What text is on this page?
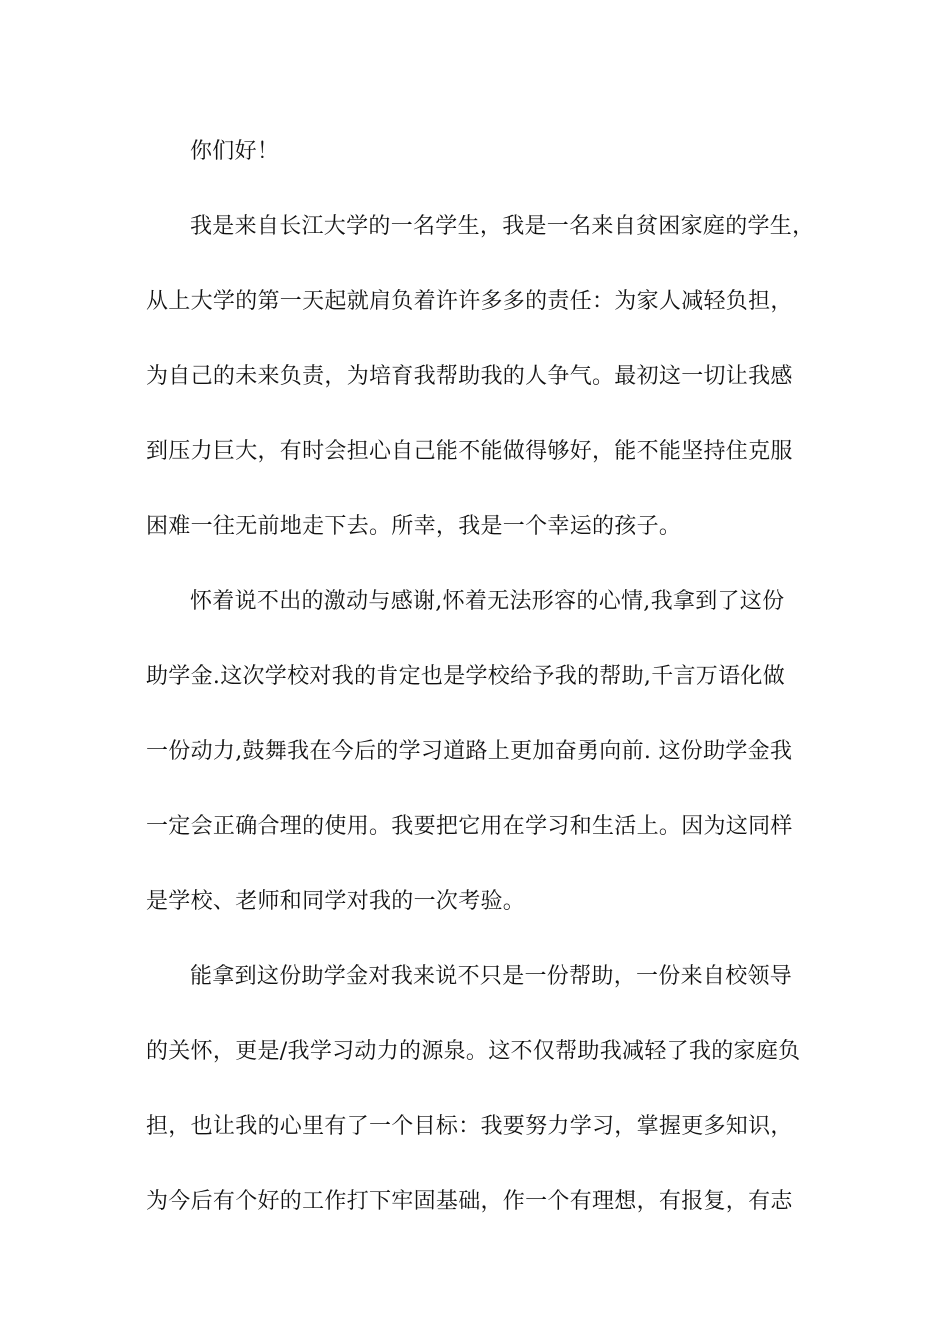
你们好！
我是来自长江大学的一名学生，我是一名来自贫困家庭的学生，
从上大学的第一天起就肩负着许许多多的责任：为家人减轻负担，
为自己的未来负责，为培育我帮助我的人争气。最初这一切让我感
到压力巨大，有时会担心自己能不能做得够好，能不能坚持住克服
困难一往无前地走下去。所幸，我是一个幸运的孩子。
怀着说不出的激动与感谢,怀着无法形容的心情,我拿到了这份
助学金.这次学校对我的肯定也是学校给予我的帮助,千言万语化做
一份动力,鼓舞我在今后的学习道路上更加奋勇向前. 这份助学金我
一定会正确合理的使用。我要把它用在学习和生活上。因为这同样
是学校、老师和同学对我的一次考验。
能拿到这份助学金对我来说不只是一份帮助，一份来自校领导
的关怀，更是/我学习动力的源泉。这不仅帮助我减轻了我的家庭负
担，也让我的心里有了一个目标：我要努力学习，掌握更多知识，
为今后有个好的工作打下牢固基础，作一个有理想，有报复，有志
